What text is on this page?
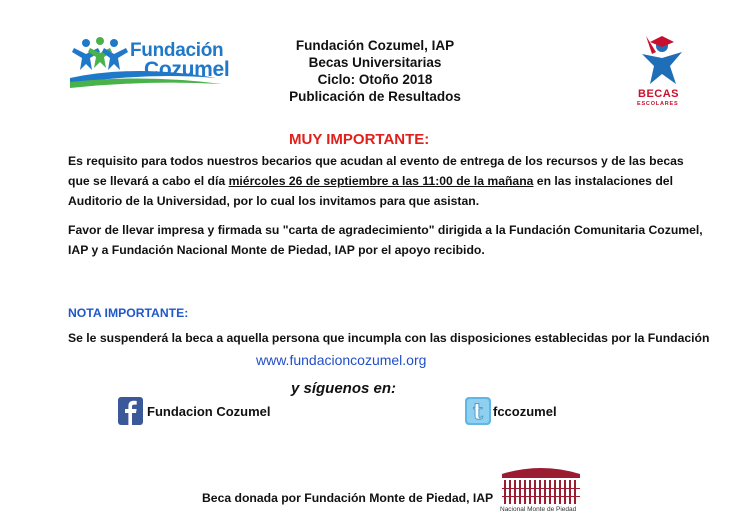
Fundación
Cozumel
Fundación Cozumel, IAP
Becas Universitarias
Ciclo: Otoño 2018
Publicación de Resultados	BECAS
ESCOLARES
MUY IMPORTANTE:
Es requisito para todos nuestros becarios que acudan al evento de entrega de los recursos y de las becas que se llevará a cabo el día miércoles 26 de septiembre a las 11:00 de la mañana en las instalaciones del Auditorio de la Universidad, por lo cual los invitamos para que asistan.
Favor de llevar impresa y firmada su "carta de agradecimiento" dirigida a la Fundación Comunitaria Cozumel, IAP y a Fundación Nacional Monte de Piedad, IAP por el apoyo recibido.
NOTA IMPORTANTE:
Se le suspenderá la beca a aquella persona que incumpla con las disposiciones establecidas por la Fundación
www.fundacioncozumel.org
y síguenos en:
Fundacion Cozumel	t fccozumel
Beca donada por Fundación Monte de Piedad, IAP
Nacional Monte de Piedad
